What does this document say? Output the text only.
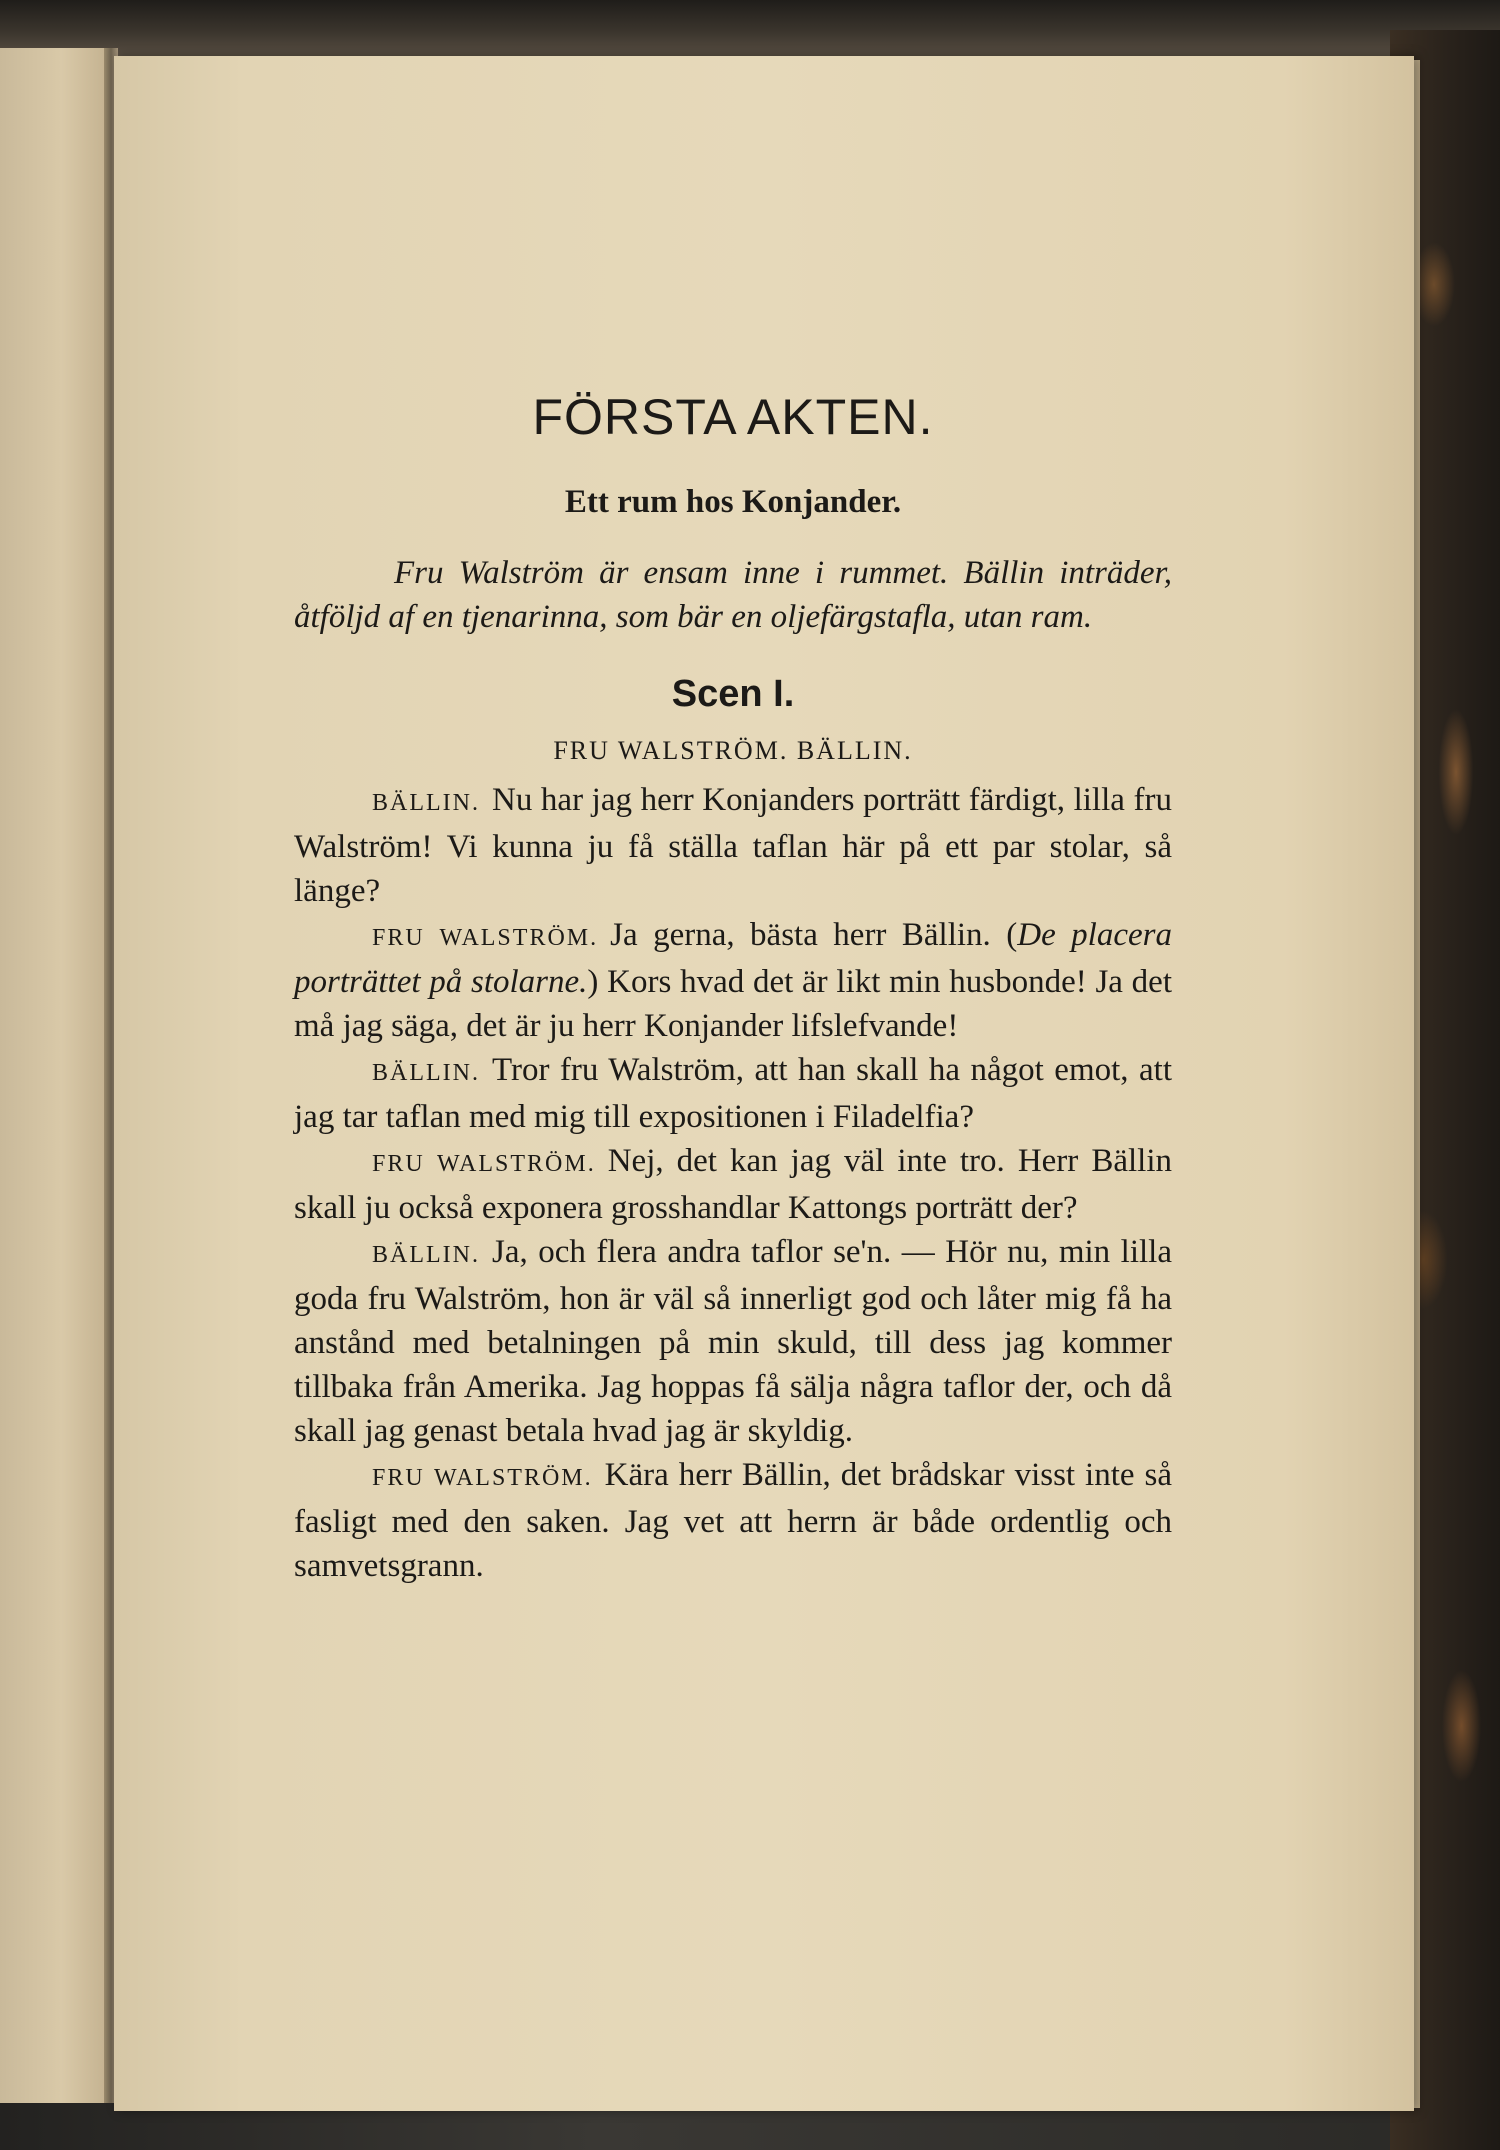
FÖRSTA AKTEN.
Ett rum hos Konjander.

Fru Walström är ensam inne i rummet. Bällin inträder, åtföljd af en tjenarinna, som bär en oljefärgstafla, utan ram.

Scen I.
FRU WALSTRÖM. BÄLLIN.

BÄLLIN. Nu har jag herr Konjanders porträtt färdigt, lilla fru Walström! Vi kunna ju få ställa taflan här på ett par stolar, så länge?

FRU WALSTRÖM. Ja gerna, bästa herr Bällin. (De placera porträttet på stolarne.) Kors hvad det är likt min husbonde! Ja det må jag säga, det är ju herr Konjander lifslefvande!

BÄLLIN. Tror fru Walström, att han skall ha något emot, att jag tar taflan med mig till expositionen i Filadelfia?

FRU WALSTRÖM. Nej, det kan jag väl inte tro. Herr Bällin skall ju också exponera grosshandlar Kattongs porträtt der?

BÄLLIN. Ja, och flera andra taflor se'n. — Hör nu, min lilla goda fru Walström, hon är väl så innerligt god och låter mig få ha anstånd med betalningen på min skuld, till dess jag kommer tillbaka från Amerika. Jag hoppas få sälja några taflor der, och då skall jag genast betala hvad jag är skyldig.

FRU WALSTRÖM. Kära herr Bällin, det brådskar visst inte så fasligt med den saken. Jag vet att herrn är både ordentlig och samvetsgrann.
